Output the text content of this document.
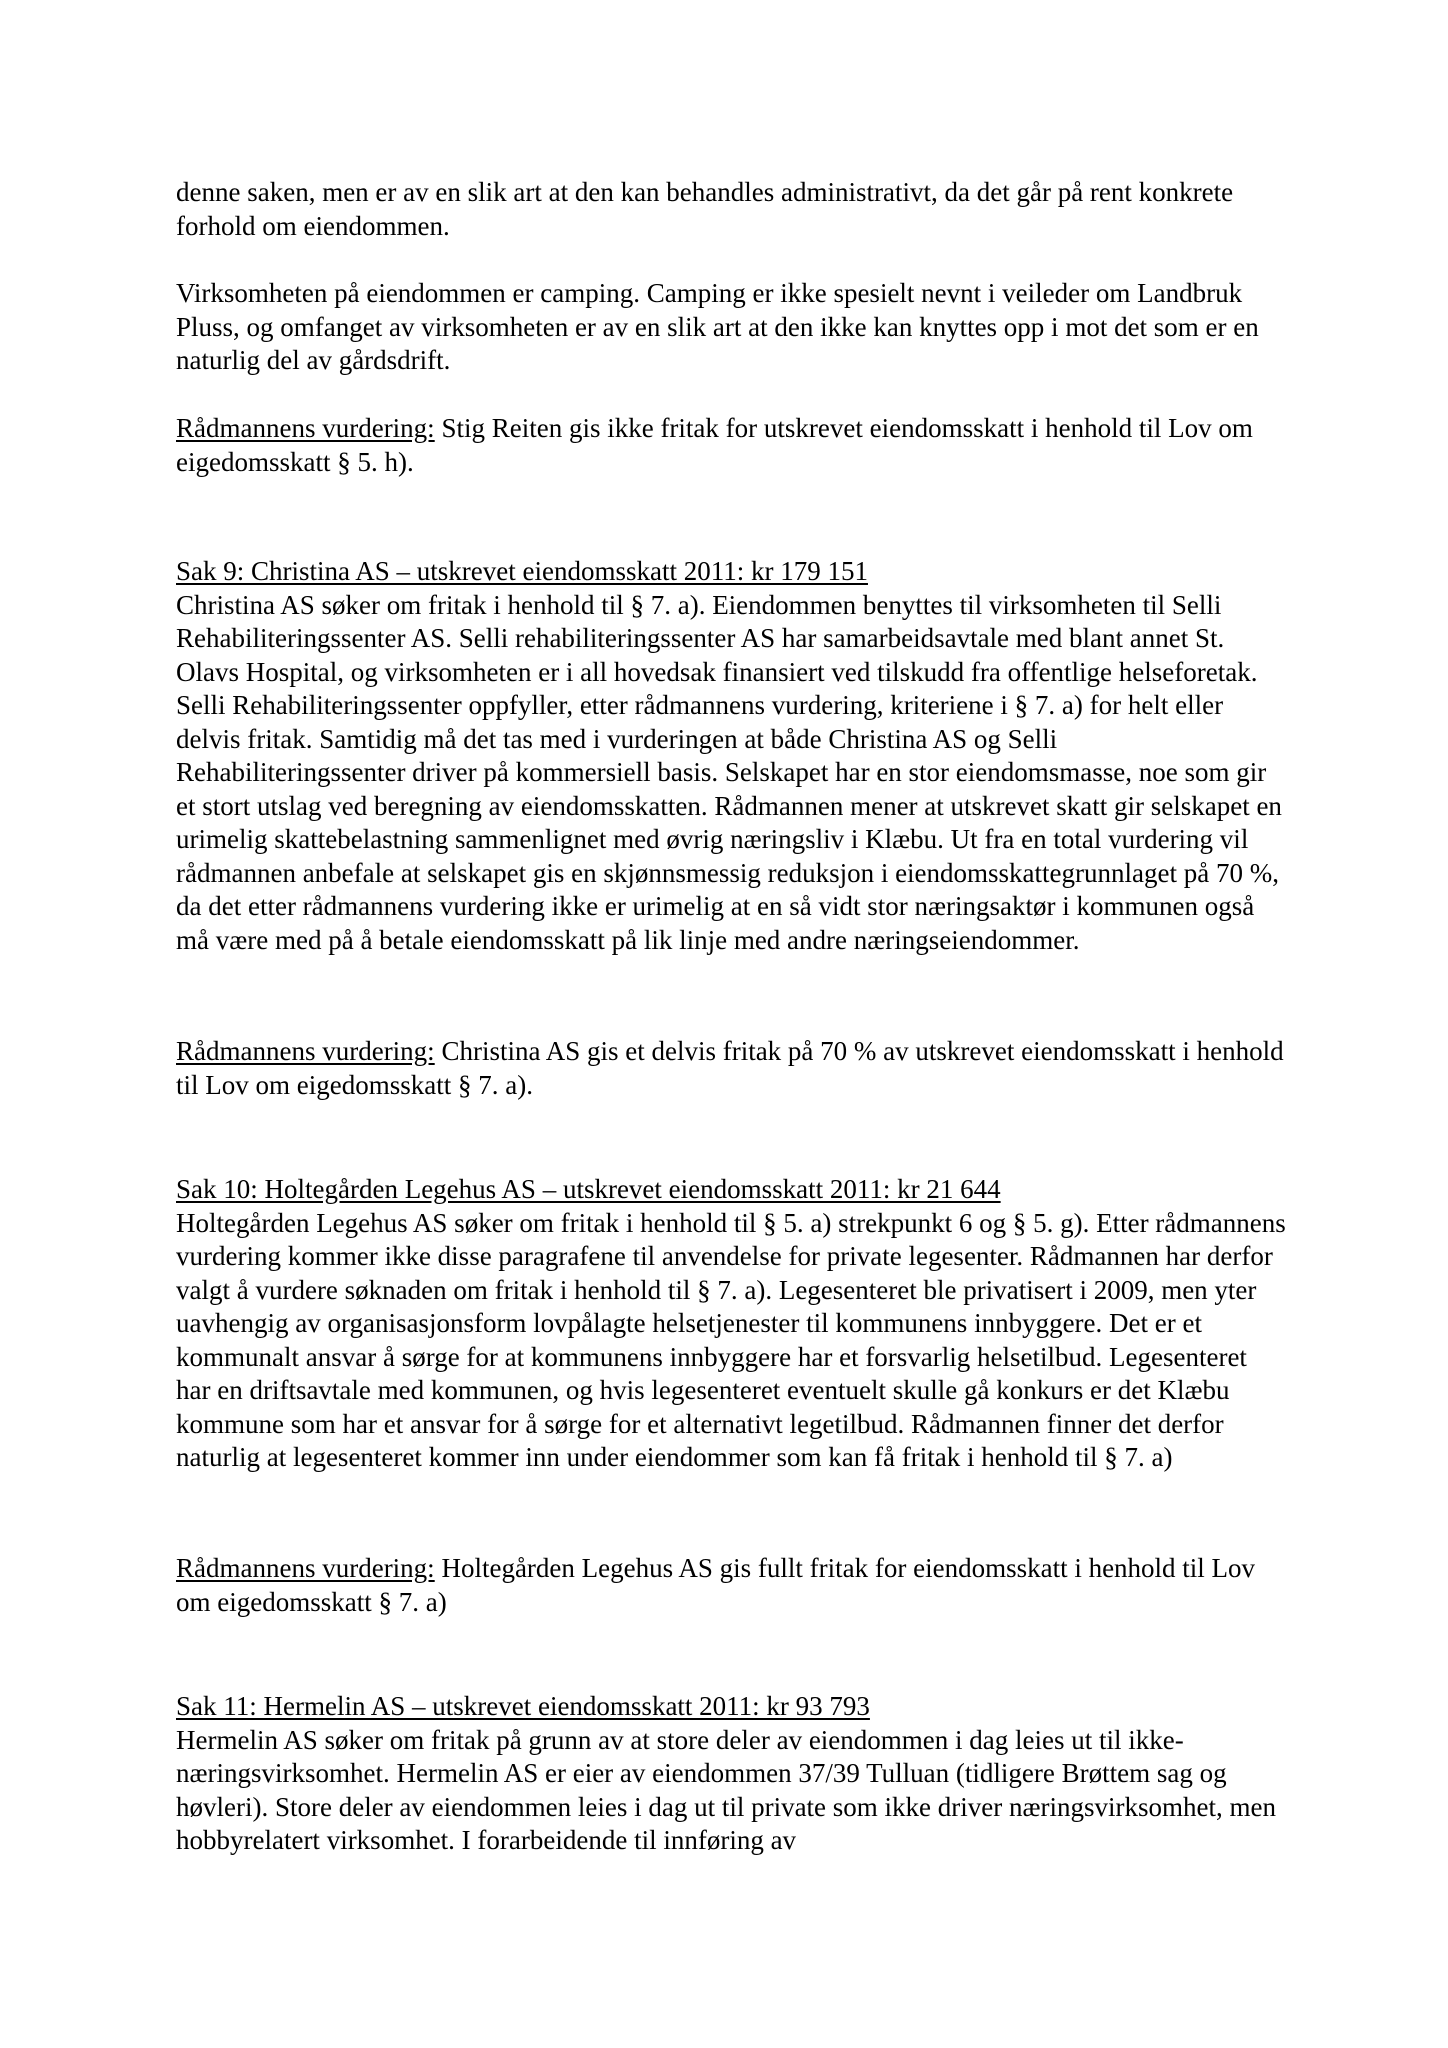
denne saken, men er av en slik art at den kan behandles administrativt, da det går på rent konkrete forhold om eiendommen.

Virksomheten på eiendommen er camping. Camping er ikke spesielt nevnt i veileder om Landbruk Pluss, og omfanget av virksomheten er av en slik art at den ikke kan knyttes opp i mot det som er en naturlig del av gårdsdrift.

Rådmannens vurdering: Stig Reiten gis ikke fritak for utskrevet eiendomsskatt i henhold til Lov om eigedomsskatt § 5. h).

Sak 9: Christina AS – utskrevet eiendomsskatt 2011: kr 179 151

Christina AS søker om fritak i henhold til § 7. a). Eiendommen benyttes til virksomheten til Selli Rehabiliteringssenter AS. Selli rehabiliteringssenter AS har samarbeidsavtale med blant annet St. Olavs Hospital, og virksomheten er i all hovedsak finansiert ved tilskudd fra offentlige helseforetak. Selli Rehabiliteringssenter oppfyller, etter rådmannens vurdering, kriteriene i § 7. a) for helt eller delvis fritak. Samtidig må det tas med i vurderingen at både Christina AS og Selli Rehabiliteringssenter driver på kommersiell basis. Selskapet har en stor eiendomsmasse, noe som gir et stort utslag ved beregning av eiendomsskatten. Rådmannen mener at utskrevet skatt gir selskapet en urimelig skattebelastning sammenlignet med øvrig næringsliv i Klæbu. Ut fra en total vurdering vil rådmannen anbefale at selskapet gis en skjønnsmessig reduksjon i eiendomsskattegrunnlaget på 70 %, da det etter rådmannens vurdering ikke er urimelig at en så vidt stor næringsaktør i kommunen også må være med på å betale eiendomsskatt på lik linje med andre næringseiendommer.

Rådmannens vurdering: Christina AS gis et delvis fritak på 70 % av utskrevet eiendomsskatt i henhold til Lov om eigedomsskatt § 7. a).

Sak 10: Holtegården Legehus AS – utskrevet eiendomsskatt 2011: kr 21 644

Holtegården Legehus AS søker om fritak i henhold til § 5. a) strekpunkt 6 og § 5. g). Etter rådmannens vurdering kommer ikke disse paragrafene til anvendelse for private legesenter. Rådmannen har derfor valgt å vurdere søknaden om fritak i henhold til § 7. a). Legesenteret ble privatisert i 2009, men yter uavhengig av organisasjonsform lovpålagte helsetjenester til kommunens innbyggere. Det er et kommunalt ansvar å sørge for at kommunens innbyggere har et forsvarlig helsetilbud. Legesenteret har en driftsavtale med kommunen, og hvis legesenteret eventuelt skulle gå konkurs er det Klæbu kommune som har et ansvar for å sørge for et alternativt legetilbud. Rådmannen finner det derfor naturlig at legesenteret kommer inn under eiendommer som kan få fritak i henhold til § 7. a)

Rådmannens vurdering: Holtegården Legehus AS gis fullt fritak for eiendomsskatt i henhold til Lov om eigedomsskatt § 7. a)

Sak 11: Hermelin AS – utskrevet eiendomsskatt 2011: kr 93 793

Hermelin AS søker om fritak på grunn av at store deler av eiendommen i dag leies ut til ikke-næringsvirksomhet. Hermelin AS er eier av eiendommen 37/39 Tulluan (tidligere Brøttem sag og høvleri). Store deler av eiendommen leies i dag ut til private som ikke driver næringsvirksomhet, men hobbyrelatert virksomhet. I forarbeidende til innføring av
